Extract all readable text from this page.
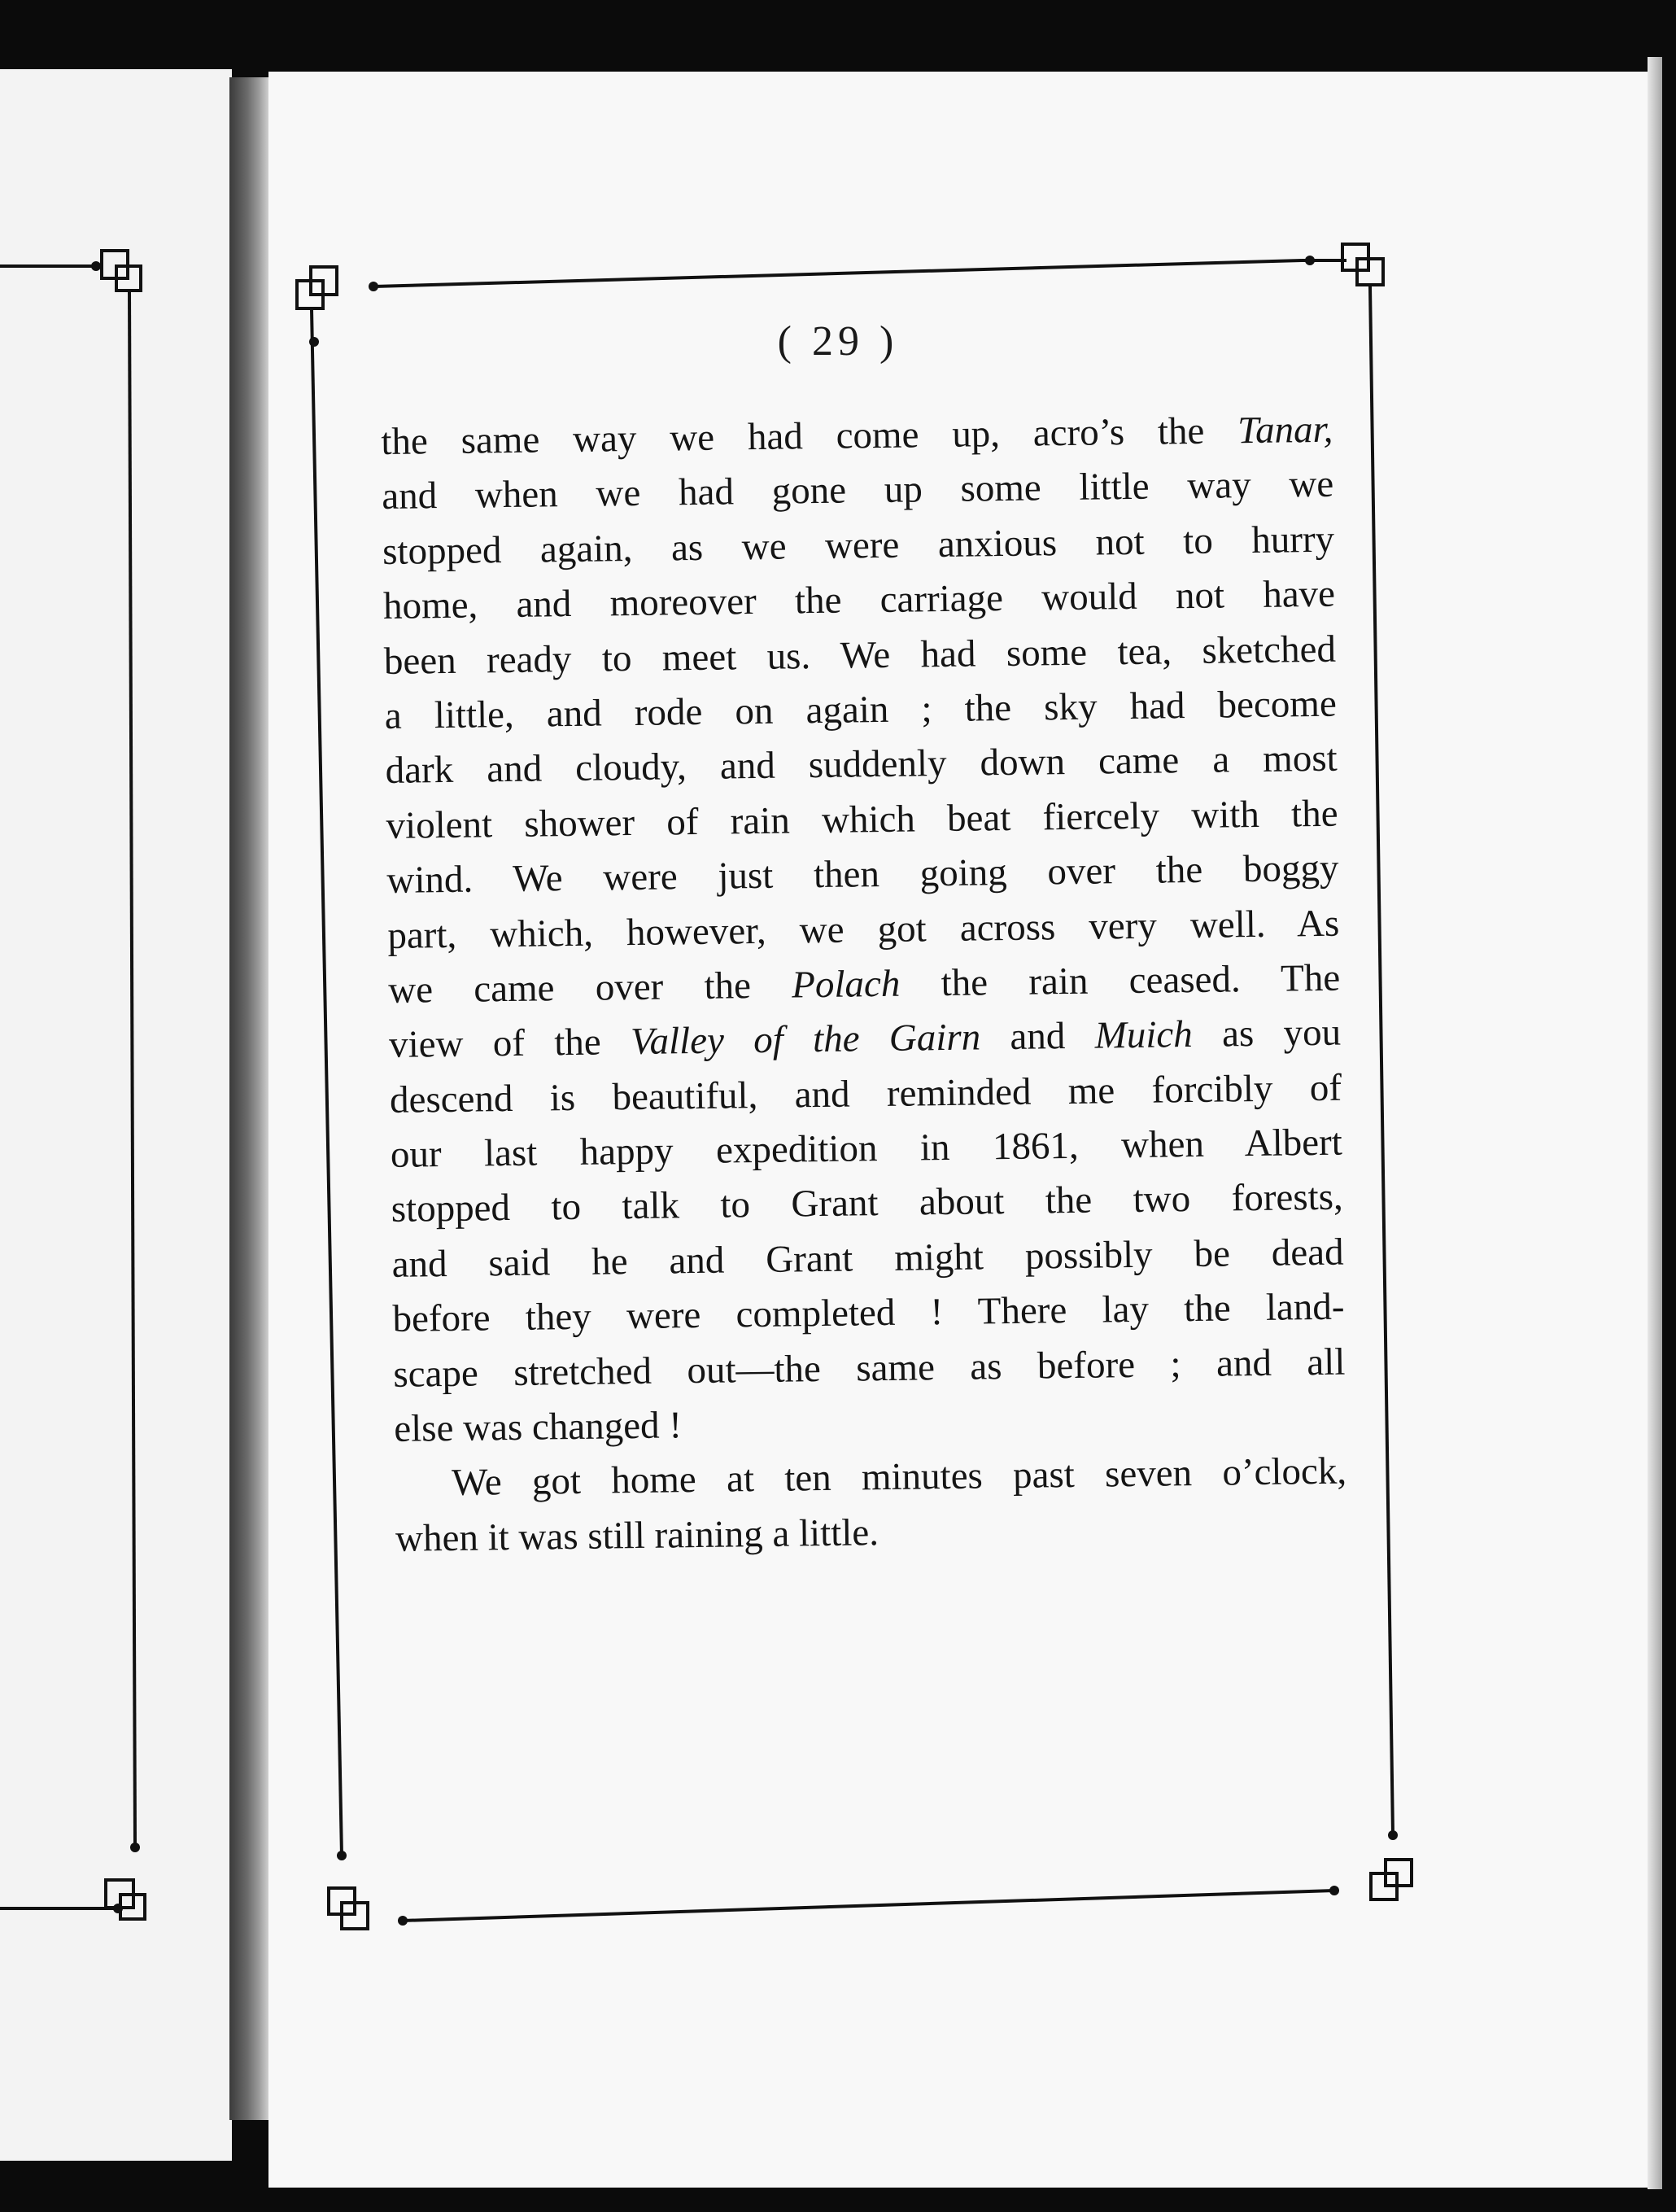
( 29 )
the same way we had come up, acro’s the Tanar,
and when we had gone up some little way we
stopped again, as we were anxious not to hurry
home, and moreover the carriage would not have
been ready to meet us. We had some tea, sketched
a little, and rode on again ; the sky had become
dark and cloudy, and suddenly down came a most
violent shower of rain which beat fiercely with the
wind. We were just then going over the boggy
part, which, however, we got across very well. As
we came over the Polach the rain ceased. The
view of the Valley of the Gairn and Muich as you
descend is beautiful, and reminded me forcibly of
our last happy expedition in 1861, when Albert
stopped to talk to Grant about the two forests,
and said he and Grant might possibly be dead
before they were completed ! There lay the land-
scape stretched out—the same as before ; and all
else was changed !
We got home at ten minutes past seven o’clock,
when it was still raining a little.
